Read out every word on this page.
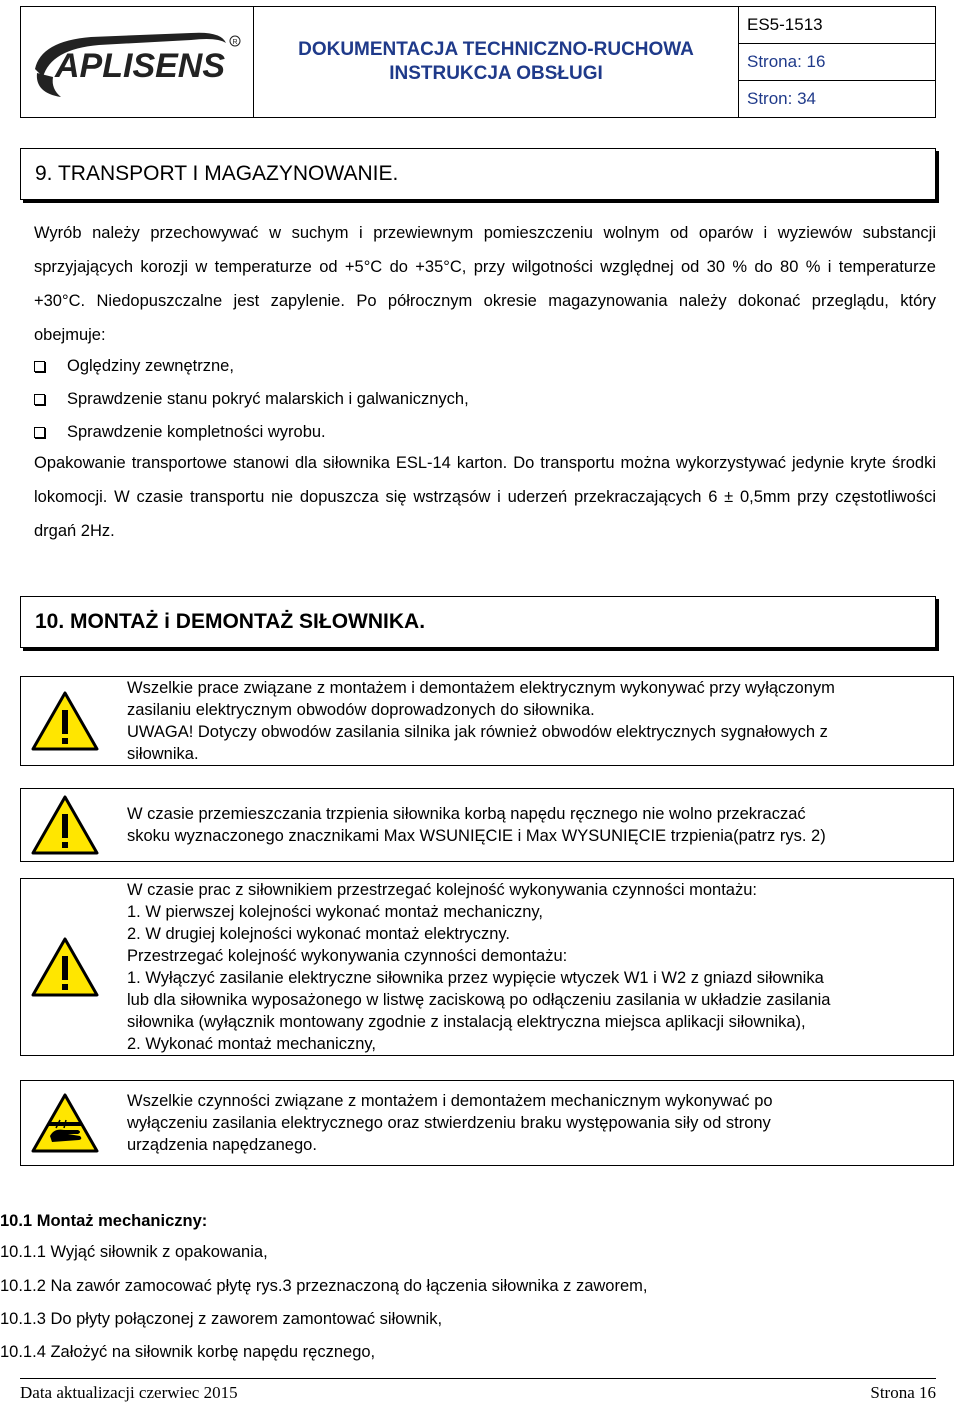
APLISENS
R	DOKUMENTACJA TECHNICZNO-RUCHOWA
INSTRUKCJA OBSŁUGI
ES5-1513
Strona: 16
Stron: 34
9. TRANSPORT I MAGAZYNOWANIE.
Wyrób należy przechowywać w suchym i przewiewnym pomieszczeniu wolnym od oparów i wyziewów substancji sprzyjających korozji w temperaturze od +5°C do +35°C, przy wilgotności względnej od 30 % do 80 % i temperaturze +30°C. Niedopuszczalne jest zapylenie. Po półrocznym okresie magazynowania należy dokonać przeglądu, który obejmuje:
Oględziny zewnętrzne,
Sprawdzenie stanu pokryć malarskich i galwanicznych,
Sprawdzenie kompletności wyrobu.
Opakowanie transportowe stanowi dla siłownika ESL-14 karton. Do transportu można wykorzystywać jedynie kryte środki lokomocji. W czasie transportu nie dopuszcza się wstrząsów i uderzeń przekraczających 6 ± 0,5mm przy częstotliwości drgań 2Hz.
10. MONTAŻ i DEMONTAŻ SIŁOWNIKA.
Wszelkie prace związane z montażem i demontażem elektrycznym wykonywać przy wyłączonym
zasilaniu elektrycznym obwodów doprowadzonych do siłownika.
UWAGA! Dotyczy obwodów zasilania silnika jak również obwodów elektrycznych sygnałowych z
siłownika.
W czasie przemieszczania trzpienia siłownika korbą napędu ręcznego nie wolno przekraczać
skoku wyznaczonego znacznikami Max WSUNIĘCIE i Max WYSUNIĘCIE trzpienia(patrz rys. 2)
W czasie prac z siłownikiem przestrzegać kolejność wykonywania czynności montażu:
1. W pierwszej kolejności wykonać montaż mechaniczny,
2. W drugiej kolejności wykonać montaż elektryczny.
Przestrzegać kolejność wykonywania czynności demontażu:
1. Wyłączyć zasilanie elektryczne siłownika przez wypięcie wtyczek W1 i W2 z gniazd siłownika
lub dla siłownika wyposażonego w listwę zaciskową po odłączeniu zasilania w układzie zasilania
siłownika (wyłącznik montowany zgodnie z instalacją elektryczna miejsca aplikacji siłownika),
2. Wykonać montaż mechaniczny,
Wszelkie czynności związane z montażem i demontażem mechanicznym wykonywać po
wyłączeniu zasilania elektrycznego oraz stwierdzeniu braku występowania siły od strony
urządzenia napędzanego.
10.1 Montaż mechaniczny:
10.1.1 Wyjąć siłownik z opakowania,
10.1.2 Na zawór zamocować płytę rys.3 przeznaczoną do łączenia siłownika z zaworem,
10.1.3 Do płyty połączonej z zaworem zamontować siłownik,
10.1.4 Założyć na siłownik korbę napędu ręcznego,
Data aktualizacji czerwiec 2015	Strona 16
